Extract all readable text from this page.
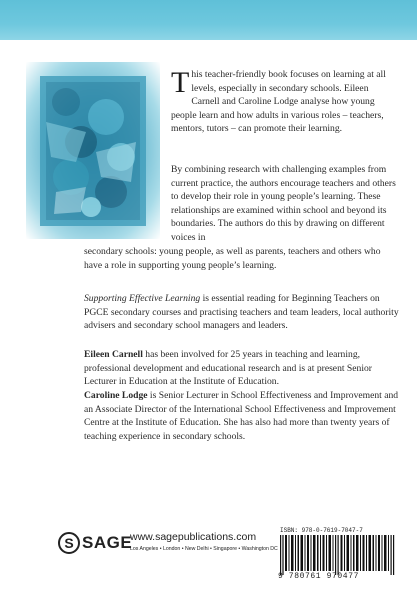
This teacher-friendly book focuses on learning at all levels, especially in secondary schools. Eileen Carnell and Caroline Lodge analyse how young people learn and how adults in various roles – teachers, mentors, tutors – can promote their learning.

By combining research with challenging examples from current practice, the authors encourage teachers and others to develop their role in young people’s learning. These relationships are examined within school and beyond its boundaries. The authors do this by drawing on different voices in

secondary schools: young people, as well as parents, teachers and others who have a role in supporting young people’s learning.

Supporting Effective Learning is essential reading for Beginning Teachers on PGCE secondary courses and practising teachers and team leaders, local authority advisers and secondary school managers and leaders.

Eileen Carnell has been involved for 25 years in teaching and learning, professional development and educational research and is at present Senior Lecturer in Education at the Institute of Education.

Caroline Lodge is Senior Lecturer in School Effectiveness and Improvement and an Associate Director of the International School Effectiveness and Improvement Centre at the Institute of Education. She has also had more than twenty years of teaching experience in secondary schools.

S SAGE
www.sagepublications.com
Los Angeles • London • New Delhi • Singapore • Washington DC
ISBN: 978-0-7619-7047-7
9 780761 970477
